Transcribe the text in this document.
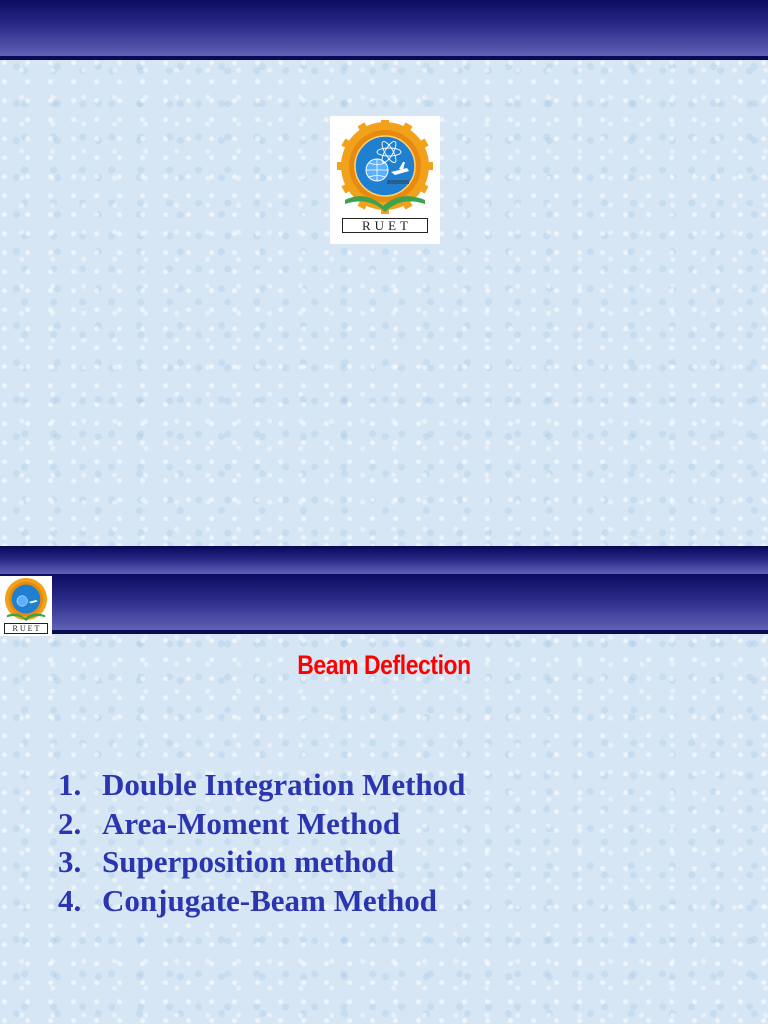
RUET
RUET
Beam Deflection
1. Double Integration Method
2. Area-Moment Method
3. Superposition method
4. Conjugate-Beam Method
